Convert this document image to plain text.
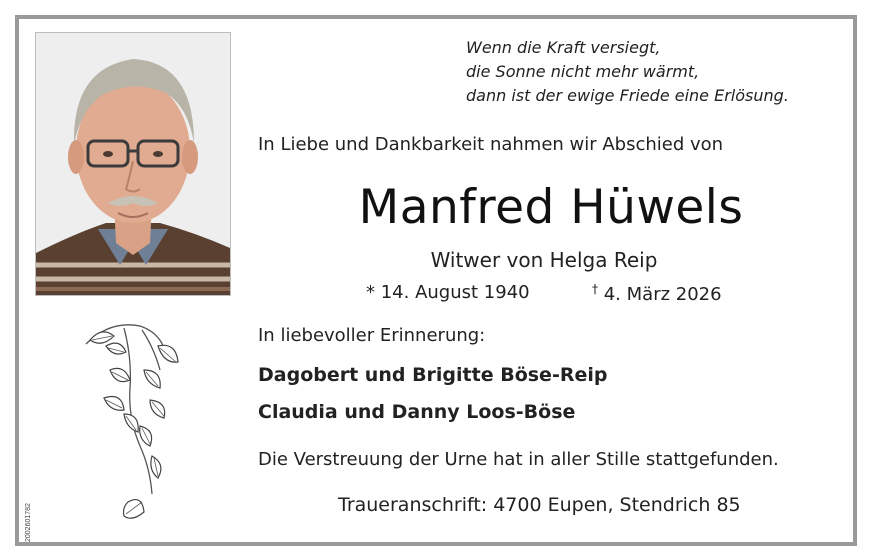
Wenn die Kraft versiegt,
die Sonne nicht mehr wärmt,
dann ist der ewige Friede eine Erlösung.
In Liebe und Dankbarkeit nahmen wir Abschied von
Manfred Hüwels
Witwer von Helga Reip
* 14. August 1940	† 4. März 2026
In liebevoller Erinnerung:
Dagobert und Brigitte Böse-Reip
Claudia und Danny Loos-Böse
Die Verstreuung der Urne hat in aller Stille stattgefunden.
Traueranschrift: 4700 Eupen, Stendrich 85
2002601782
